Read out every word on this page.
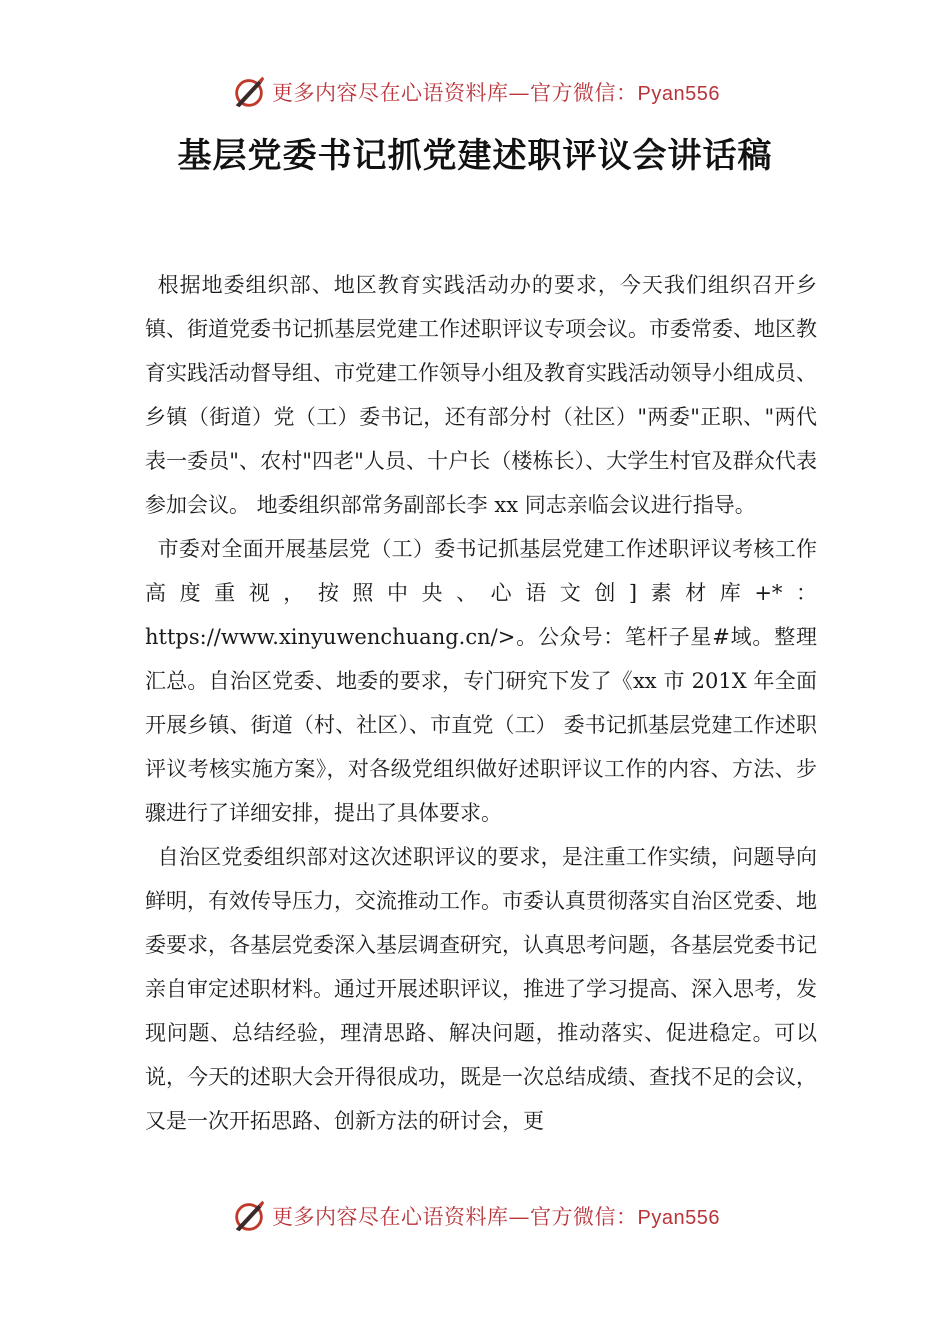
更多内容尽在心语资料库—官方微信：Pyan556
基层党委书记抓党建述职评议会讲话稿

根据地委组织部、地区教育实践活动办的要求，今天我们组织召开乡镇、街道党委书记抓基层党建工作述职评议专项会议。市委常委、地区教育实践活动督导组、市党建工作领导小组及教育实践活动领导小组成员、乡镇（街道）党（工）委书记，还有部分村（社区）"两委"正职、"两代表一委员"、农村"四老"人员、十户长（楼栋长）、大学生村官及群众代表参加会议。 地委组织部常务副部长李 xx 同志亲临会议进行指导。

市委对全面开展基层党（工）委书记抓基层党建工作述职评议考核工作高度重视，按照中央、心语文创]素材库+*：https://www.xinyuwenchuang.cn/>。公众号：笔杆子星#域。整理汇总。自治区党委、地委的要求，专门研究下发了《xx 市 201X 年全面开展乡镇、街道（村、社区）、市直党（工） 委书记抓基层党建工作述职评议考核实施方案》，对各级党组织做好述职评议工作的内容、方法、步骤进行了详细安排，提出了具体要求。

自治区党委组织部对这次述职评议的要求，是注重工作实绩，问题导向鲜明，有效传导压力，交流推动工作。市委认真贯彻落实自治区党委、地委要求，各基层党委深入基层调查研究，认真思考问题，各基层党委书记亲自审定述职材料。通过开展述职评议，推进了学习提高、深入思考，发现问题、总结经验，理清思路、解决问题，推动落实、促进稳定。可以说，今天的述职大会开得很成功，既是一次总结成绩、查找不足的会议，又是一次开拓思路、创新方法的研讨会，更

更多内容尽在心语资料库—官方微信：Pyan556
